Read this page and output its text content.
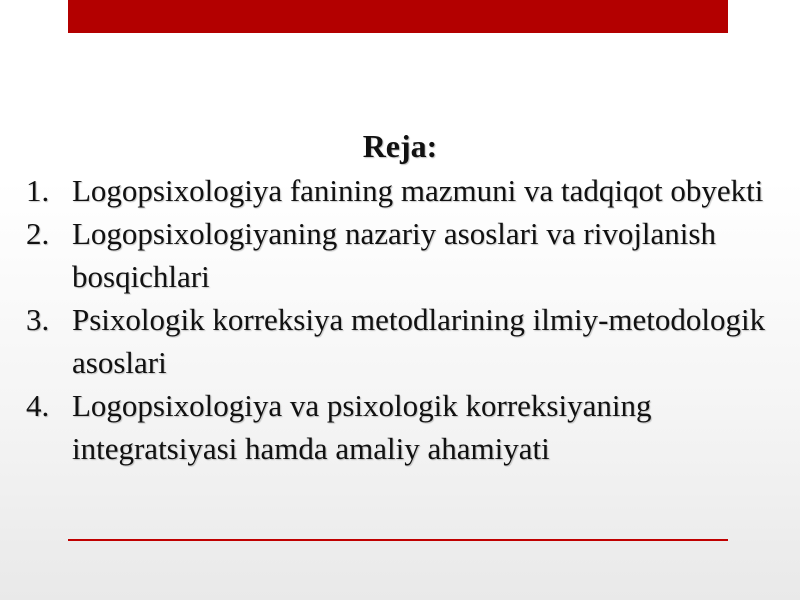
Reja:
1. Logopsixologiya fanining mazmuni va tadqiqot obyekti
2. Logopsixologiyaning nazariy asoslari va rivojlanish bosqichlari
3. Psixologik korreksiya metodlarining ilmiy-metodologik asoslari
4. Logopsixologiya va psixologik korreksiyaning integratsiyasi hamda amaliy ahamiyati
